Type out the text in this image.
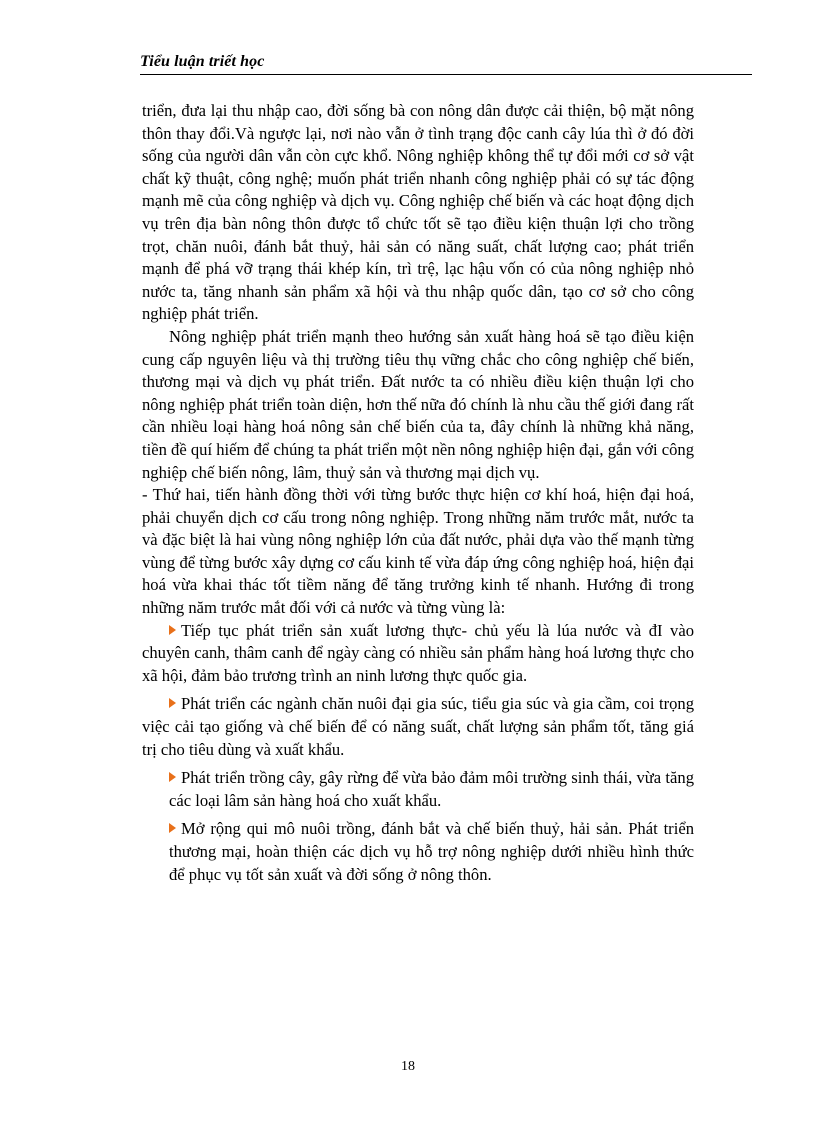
Tiểu luận triết học

triển, đưa lại thu nhập cao, đời sống bà con nông dân được cải thiện, bộ mặt nông thôn thay đổi.Và ngược lại, nơi nào vẫn ở tình trạng độc canh cây lúa thì ở đó đời sống của người dân vẫn còn cực khổ. Nông nghiệp không thể tự đổi mới cơ sở vật chất kỹ thuật, công nghệ; muốn phát triển nhanh công nghiệp phải có sự tác động mạnh mẽ của công nghiệp và dịch vụ. Công nghiệp chế biến và các hoạt động dịch vụ trên địa bàn nông thôn được tổ chức tốt sẽ tạo điều kiện thuận lợi cho trồng trọt, chăn nuôi, đánh bắt thuỷ, hải sản có năng suất, chất lượng cao; phát triển mạnh để phá vỡ trạng thái khép kín, trì trệ, lạc hậu vốn có của nông nghiệp nhỏ nước ta, tăng nhanh sản phẩm xã hội và thu nhập quốc dân, tạo cơ sở cho công nghiệp phát triển.

Nông nghiệp phát triển mạnh theo hướng sản xuất hàng hoá sẽ tạo điều kiện cung cấp nguyên liệu và thị trường tiêu thụ vững chắc cho công nghiệp chế biến, thương mại và dịch vụ phát triển. Đất nước ta có nhiều điều kiện thuận lợi cho nông nghiệp phát triển toàn diện, hơn thế nữa đó chính là nhu cầu thế giới đang rất cần nhiều loại hàng hoá nông sản chế biến của ta, đây chính là những khả năng, tiền đề quí hiếm để chúng ta phát triển một nền nông nghiệp hiện đại, gắn với công nghiệp chế biến nông, lâm, thuỷ sản và thương mại dịch vụ.

- Thứ hai, tiến hành đồng thời với từng bước thực hiện cơ khí hoá, hiện đại hoá, phải chuyển dịch cơ cấu trong nông nghiệp. Trong những năm trước mắt, nước ta và đặc biệt là hai vùng nông nghiệp lớn của đất nước, phải dựa vào thế mạnh từng vùng để từng bước xây dựng cơ cấu kinh tế vừa đáp ứng công nghiệp hoá, hiện đại hoá vừa khai thác tốt tiềm năng để tăng trưởng kinh tế nhanh. Hướng đi trong những năm trước mắt đối với cả nước và từng vùng là:

Tiếp tục phát triển sản xuất lương thực- chủ yếu là lúa nước và đI vào chuyên canh, thâm canh để ngày càng có nhiều sản phẩm hàng hoá lương thực cho xã hội, đảm bảo trương trình an ninh lương thực quốc gia.

Phát triển các ngành chăn nuôi đại gia súc, tiểu gia súc và gia cầm, coi trọng việc cải tạo giống và chế biến để có năng suất, chất lượng sản phẩm tốt, tăng giá trị cho tiêu dùng và xuất khẩu.

Phát triển trồng cây, gây rừng để vừa bảo đảm môi trường sinh thái, vừa tăng các loại lâm sản hàng hoá cho xuất khẩu.

Mở rộng qui mô nuôi trồng, đánh bắt và chế biến thuỷ, hải sản. Phát triển thương mại, hoàn thiện các dịch vụ hỗ trợ nông nghiệp dưới nhiều hình thức để phục vụ tốt sản xuất và đời sống ở nông thôn.

18
